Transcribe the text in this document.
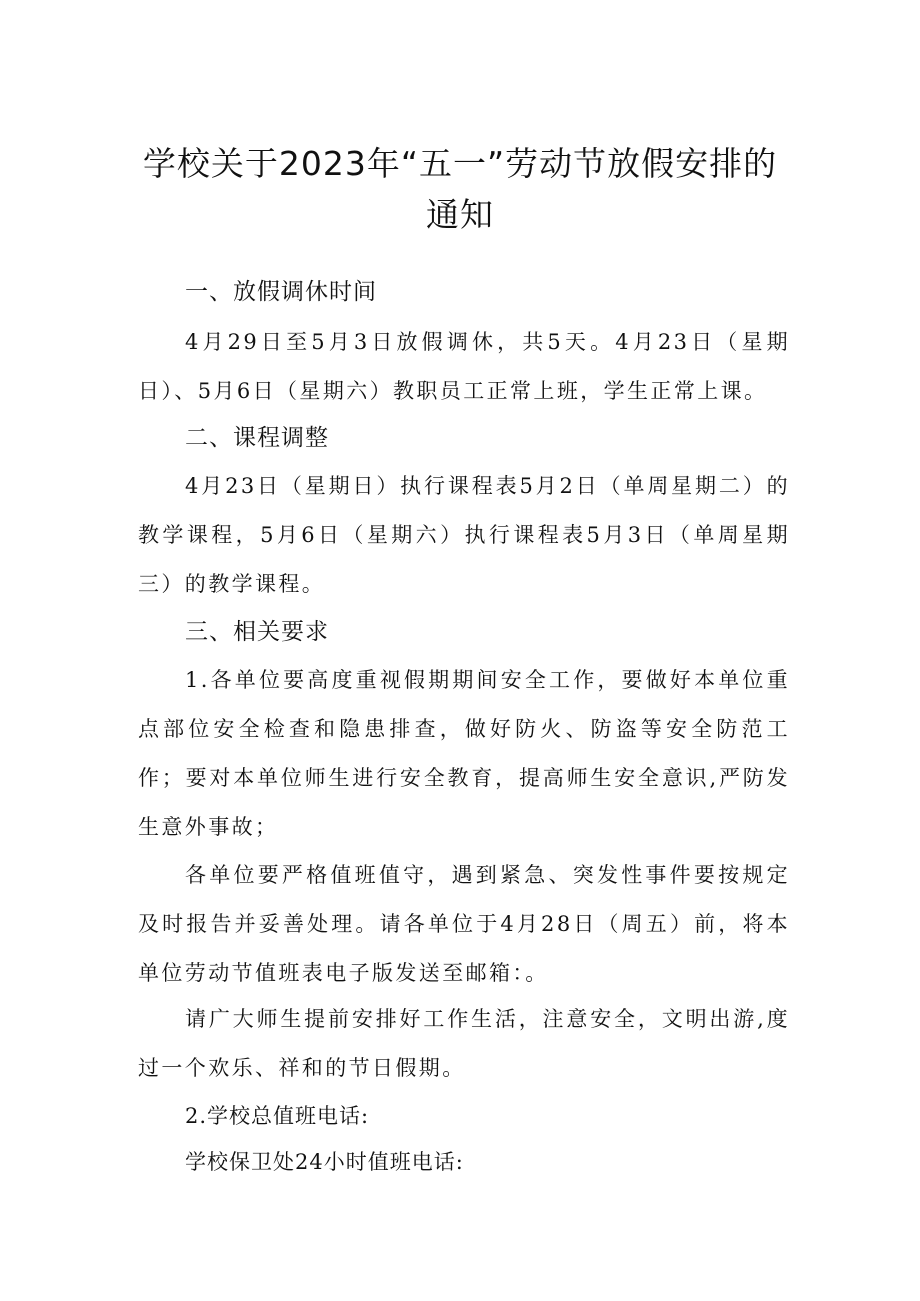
学校关于2023年“五一”劳动节放假安排的
通知
一、放假调休时间

4月29日至5月3日放假调休，共5天。4月23日（星期日）、5月6日（星期六）教职员工正常上班，学生正常上课。

二、课程调整

4月23日（星期日）执行课程表5月2日（单周星期二）的教学课程，5月6日（星期六）执行课程表5月3日（单周星期三）的教学课程。

三、相关要求

1.各单位要高度重视假期期间安全工作，要做好本单位重点部位安全检查和隐患排查，做好防火、防盗等安全防范工作；要对本单位师生进行安全教育，提高师生安全意识,严防发生意外事故；

各单位要严格值班值守，遇到紧急、突发性事件要按规定及时报告并妥善处理。请各单位于4月28日（周五）前，将本单位劳动节值班表电子版发送至邮箱：。

请广大师生提前安排好工作生活，注意安全，文明出游,度过一个欢乐、祥和的节日假期。

2.学校总值班电话:

学校保卫处24小时值班电话:
